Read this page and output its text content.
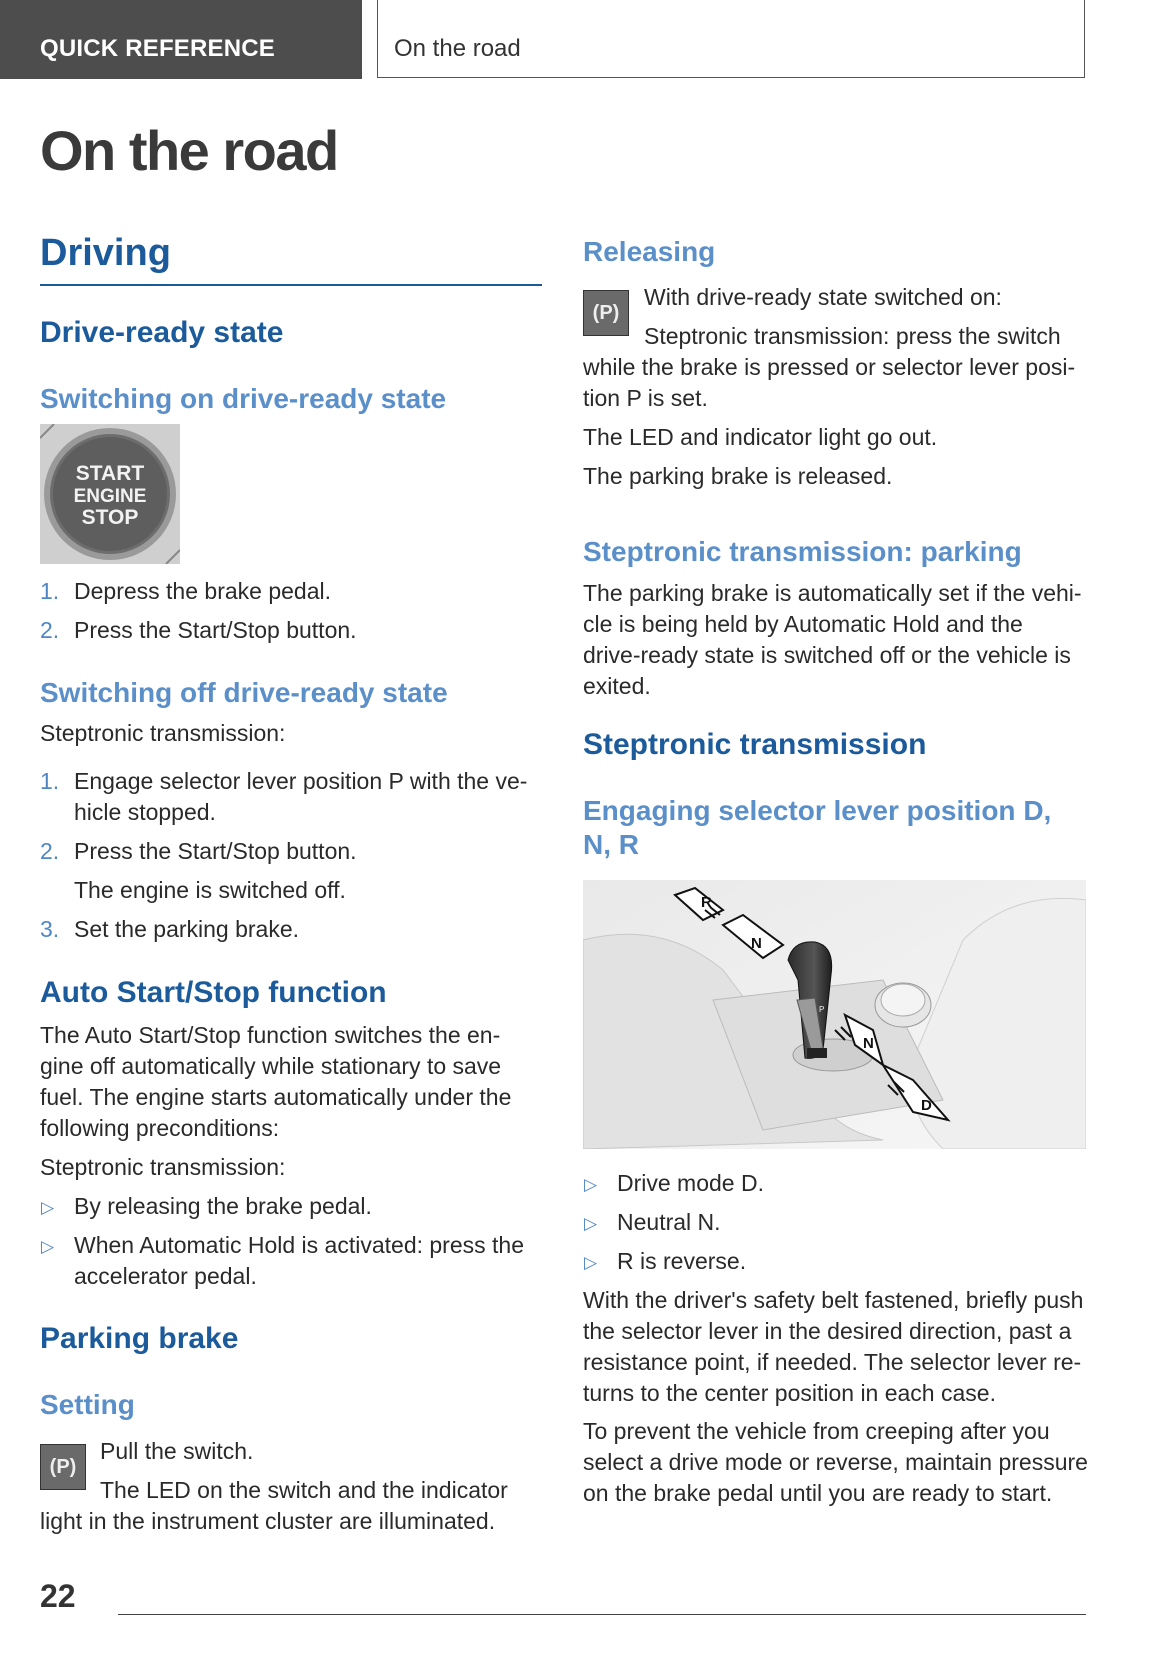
QUICK REFERENCE	On the road
On the road
Driving
Drive-ready state
Switching on drive-ready state
START
ENGINE
STOP
1. Depress the brake pedal.

2. Press the Start/Stop button.

Switching off drive-ready state

Steptronic transmission:

1. Engage selector lever position P with the ve-

hicle stopped.

2. Press the Start/Stop button.

The engine is switched off.

3. Set the parking brake.

Auto Start/Stop function

The Auto Start/Stop function switches the en-

gine off automatically while stationary to save

fuel. The engine starts automatically under the

following preconditions:

Steptronic transmission:

▷ By releasing the brake pedal.

▷ When Automatic Hold is activated: press the

accelerator pedal.

Parking brake
Setting
(P)

Pull the switch.

The LED on the switch and the indicator

light in the instrument cluster are illuminated.

Releasing
(P)

With drive-ready state switched on:

Steptronic transmission: press the switch

while the brake is pressed or selector lever posi-

tion P is set.

The LED and indicator light go out.

The parking brake is released.

Steptronic transmission: parking

The parking brake is automatically set if the vehi-

cle is being held by Automatic Hold and the

drive-ready state is switched off or the vehicle is

exited.

Steptronic transmission
Engaging selector lever position D,
N, R
R
N
N
D
P
▷ Drive mode D.

▷ Neutral N.

▷ R is reverse.

With the driver's safety belt fastened, briefly push

the selector lever in the desired direction, past a

resistance point, if needed. The selector lever re-

turns to the center position in each case.

To prevent the vehicle from creeping after you

select a drive mode or reverse, maintain pressure

on the brake pedal until you are ready to start.

22
